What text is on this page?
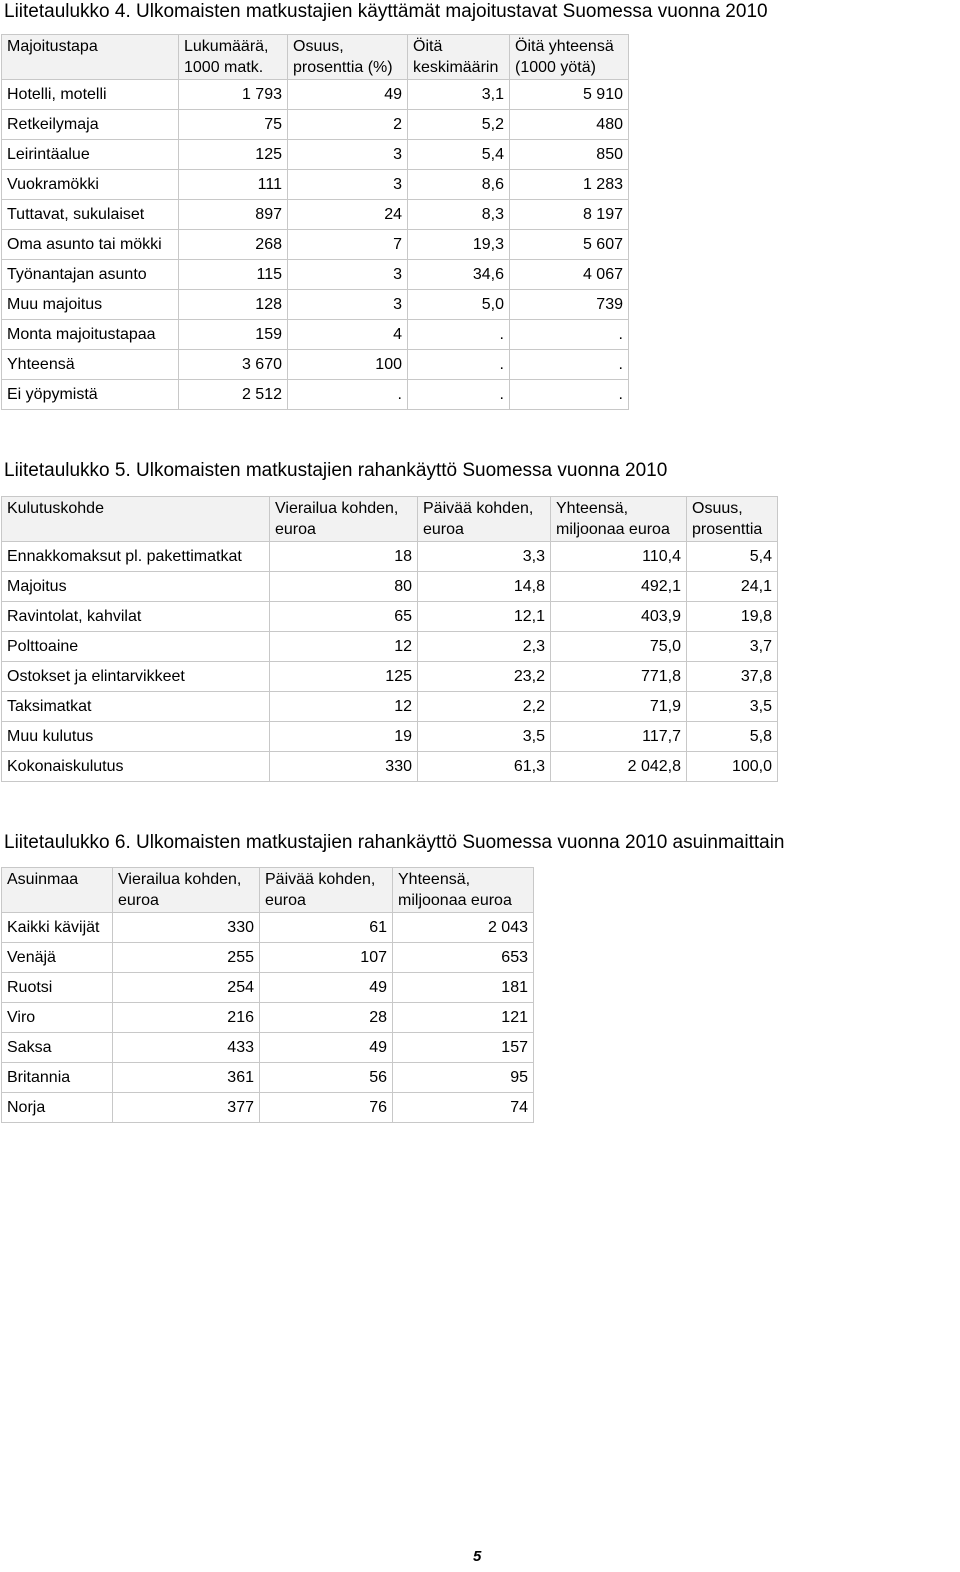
Liitetaulukko 4. Ulkomaisten matkustajien käyttämät majoitustavat Suomessa vuonna 2010
Majoitustapa	Lukumäärä, 1000 matk.	Osuus, prosenttia (%)	Öitä keskimäärin	Öitä yhteensä (1000 yötä)
Hotelli, motelli	1 793	49	3,1	5 910
Retkeilymaja	75	2	5,2	480
Leirintäalue	125	3	5,4	850
Vuokramökki	111	3	8,6	1 283
Tuttavat, sukulaiset	897	24	8,3	8 197
Oma asunto tai mökki	268	7	19,3	5 607
Työnantajan asunto	115	3	34,6	4 067
Muu majoitus	128	3	5,0	739
Monta majoitustapaa	159	4	.	.
Yhteensä	3 670	100	.	.
Ei yöpymistä	2 512	.	.	.
Liitetaulukko 5. Ulkomaisten matkustajien rahankäyttö Suomessa vuonna 2010
Kulutuskohde	Vierailua kohden, euroa	Päivää kohden, euroa	Yhteensä, miljoonaa euroa	Osuus, prosenttia
Ennakkomaksut pl. pakettimatkat	18	3,3	110,4	5,4
Majoitus	80	14,8	492,1	24,1
Ravintolat, kahvilat	65	12,1	403,9	19,8
Polttoaine	12	2,3	75,0	3,7
Ostokset ja elintarvikkeet	125	23,2	771,8	37,8
Taksimatkat	12	2,2	71,9	3,5
Muu kulutus	19	3,5	117,7	5,8
Kokonaiskulutus	330	61,3	2 042,8	100,0
Liitetaulukko 6. Ulkomaisten matkustajien rahankäyttö Suomessa vuonna 2010 asuinmaittain
Asuinmaa	Vierailua kohden, euroa	Päivää kohden, euroa	Yhteensä, miljoonaa euroa
Kaikki kävijät	330	61	2 043
Venäjä	255	107	653
Ruotsi	254	49	181
Viro	216	28	121
Saksa	433	49	157
Britannia	361	56	95
Norja	377	76	74
5
